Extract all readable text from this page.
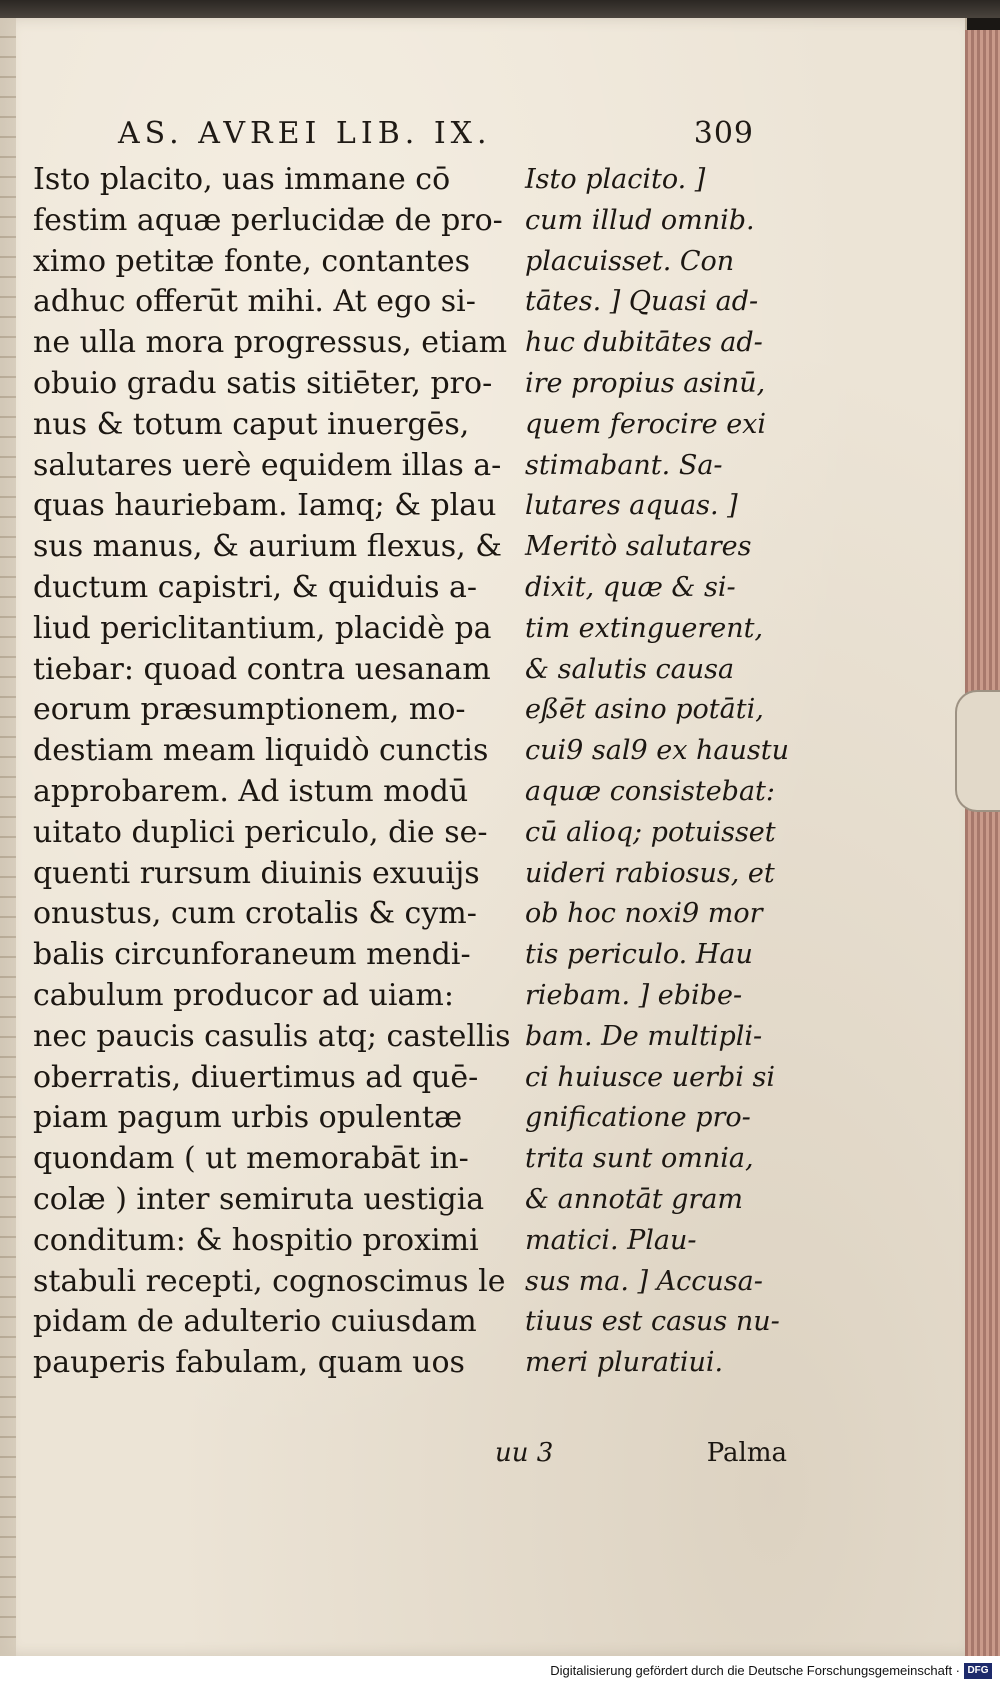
AS. AVREI LIB. IX.	309
Isto placito, uas immane cō
festim aquæ perlucidæ de pro-
ximo petitæ fonte, contantes
adhuc offerūt mihi. At ego si-
ne ulla mora progressus, etiam
obuio gradu satis sitiēter, pro-
nus & totum caput inuergēs,
salutares uerè equidem illas a-
quas hauriebam. Iamq; & plau
sus manus, & aurium flexus, &
ductum capistri, & quiduis a-
liud periclitantium, placidè pa
tiebar: quoad contra uesanam
eorum præsumptionem, mo-
destiam meam liquidò cunctis
approbarem. Ad istum modū
uitato duplici periculo, die se-
quenti rursum diuinis exuuijs
onustus, cum crotalis & cym-
balis circunforaneum mendi-
cabulum producor ad uiam:
nec paucis casulis atq; castellis
oberratis, diuertimus ad quē-
piam pagum urbis opulentæ
quondam ( ut memorabāt in-
colæ ) inter semiruta uestigia
conditum: & hospitio proximi
stabuli recepti, cognoscimus le
pidam de adulterio cuiusdam
pauperis fabulam, quam uos
Isto placito. ]
cum illud omnib.
placuisset. Con
tātes. ] Quasi ad-
huc dubitātes ad-
ire propius asinū,
quem ferocire exi
stimabant. Sa-
lutares aquas. ]
Meritò salutares
dixit, quæ & si-
tim extinguerent,
& salutis causa
eßēt asino potāti,
cui9 sal9 ex haustu
aquæ consistebat:
cū alioq; potuisset
uideri rabiosus, et
ob hoc noxi9 mor
tis periculo. Hau
riebam. ] ebibe-
bam. De multipli-
ci huiusce uerbi si
gnificatione pro-
trita sunt omnia,
& annotāt gram
matici. Plau-
sus ma. ] Accusa-
tiuus est casus nu-
meri pluratiui.
uu 3	Palma
Digitalisierung gefördert durch die Deutsche Forschungsgemeinschaft · DFG
